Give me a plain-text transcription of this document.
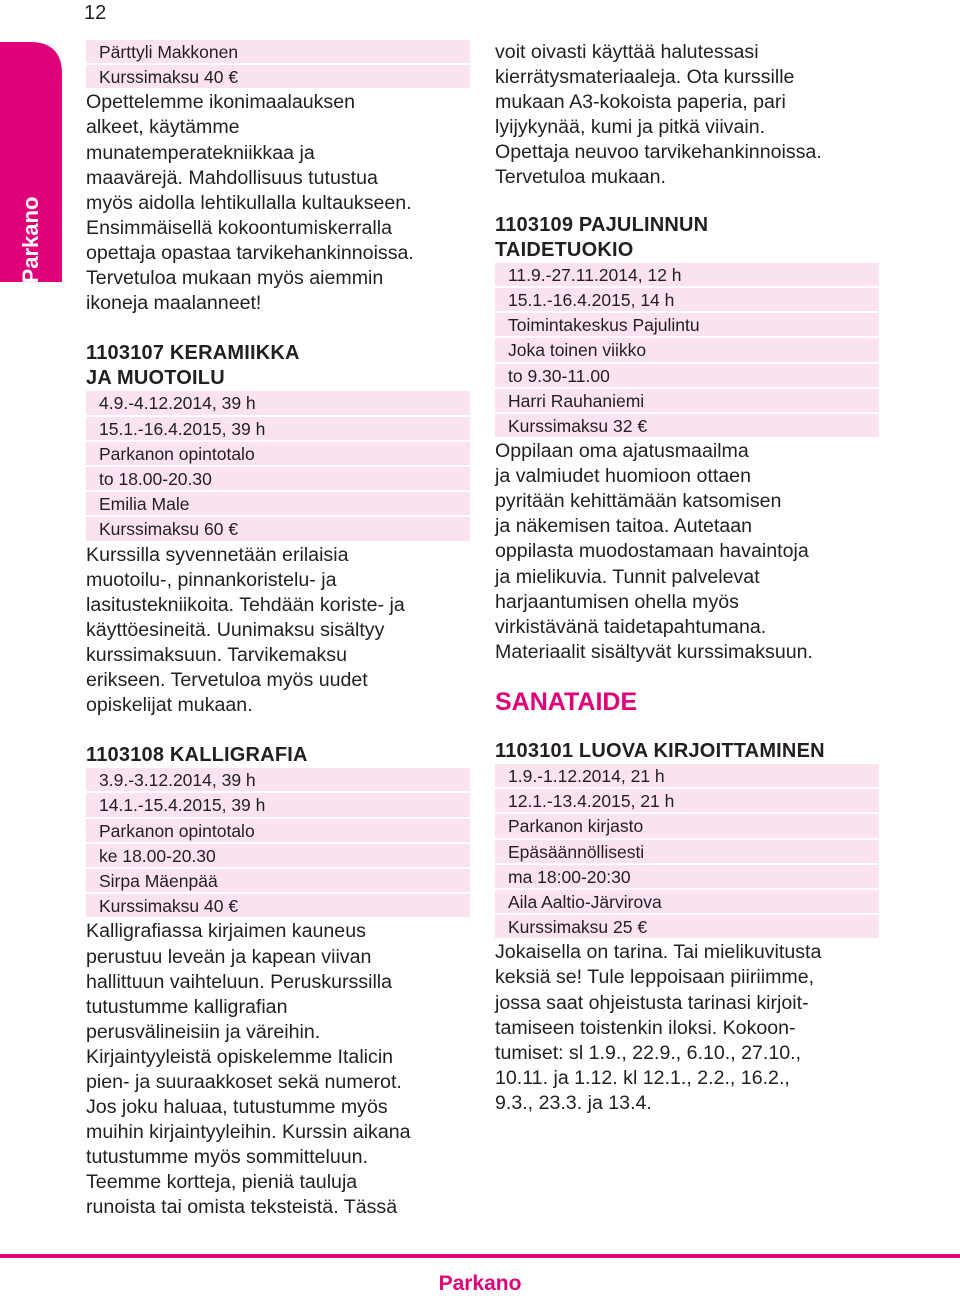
12
Parkano
Pärttyli Makkonen
Kurssimaksu 40 €

Opettelemme ikonimaalauksen
alkeet, käytämme
munatemperatekniikkaa ja
maavärejä. Mahdollisuus tutustua
myös aidolla lehtikullalla kultaukseen.
Ensimmäisellä kokoontumiskerralla
opettaja opastaa tarvikehankinnoissa.
Tervetuloa mukaan myös aiemmin
ikoneja maalanneet!

1103107 KERAMIIKKA
JA MUOTOILU

4.9.-4.12.2014, 39 h
15.1.-16.4.2015, 39 h
Parkanon opintotalo
to 18.00-20.30
Emilia Male
Kurssimaksu 60 €

Kurssilla syvennetään erilaisia
muotoilu-, pinnankoristelu- ja
lasitustekniikoita. Tehdään koriste- ja
käyttöesineitä. Uunimaksu sisältyy
kurssimaksuun. Tarvikemaksu
erikseen. Tervetuloa myös uudet
opiskelijat mukaan.

1103108 KALLIGRAFIA

3.9.-3.12.2014, 39 h
14.1.-15.4.2015, 39 h
Parkanon opintotalo
ke 18.00-20.30
Sirpa Mäenpää
Kurssimaksu 40 €

Kalligrafiassa kirjaimen kauneus
perustuu leveän ja kapean viivan
hallittuun vaihteluun. Peruskurssilla
tutustumme kalligrafian
perusvälineisiin ja väreihin.
Kirjaintyyleistä opiskelemme Italicin
pien- ja suuraakkoset sekä numerot.
Jos joku haluaa, tutustumme myös
muihin kirjaintyyleihin. Kurssin aikana
tutustumme myös sommitteluun.
Teemme kortteja, pieniä tauluja
runoista tai omista teksteistä. Tässä

voit oivasti käyttää halutessasi
kierrätysmateriaaleja. Ota kurssille
mukaan A3-kokoista paperia, pari
lyijykynää, kumi ja pitkä viivain.
Opettaja neuvoo tarvikehankinnoissa.
Tervetuloa mukaan.

1103109 PAJULINNUN
TAIDETUOKIO

11.9.-27.11.2014, 12 h
15.1.-16.4.2015, 14 h
Toimintakeskus Pajulintu
Joka toinen viikko
to 9.30-11.00
Harri Rauhaniemi
Kurssimaksu 32 €

Oppilaan oma ajatusmaailma
ja valmiudet huomioon ottaen
pyritään kehittämään katsomisen
ja näkemisen taitoa. Autetaan
oppilasta muodostamaan havaintoja
ja mielikuvia. Tunnit palvelevat
harjaantumisen ohella myös
virkistävänä taidetapahtumana.
Materiaalit sisältyvät kurssimaksuun.

SANATAIDE

1103101 LUOVA KIRJOITTAMINEN

1.9.-1.12.2014, 21 h
12.1.-13.4.2015, 21 h
Parkanon kirjasto
Epäsäännöllisesti
ma 18:00-20:30
Aila Aaltio-Järvirova
Kurssimaksu 25 €

Jokaisella on tarina. Tai mielikuvitusta
keksiä se! Tule leppoisaan piiriimme,
jossa saat ohjeistusta tarinasi kirjoit-
tamiseen toistenkin iloksi. Kokoon-
tumiset: sl 1.9., 22.9., 6.10., 27.10.,
10.11. ja 1.12. kl 12.1., 2.2., 16.2.,
9.3., 23.3. ja 13.4.

Parkano
